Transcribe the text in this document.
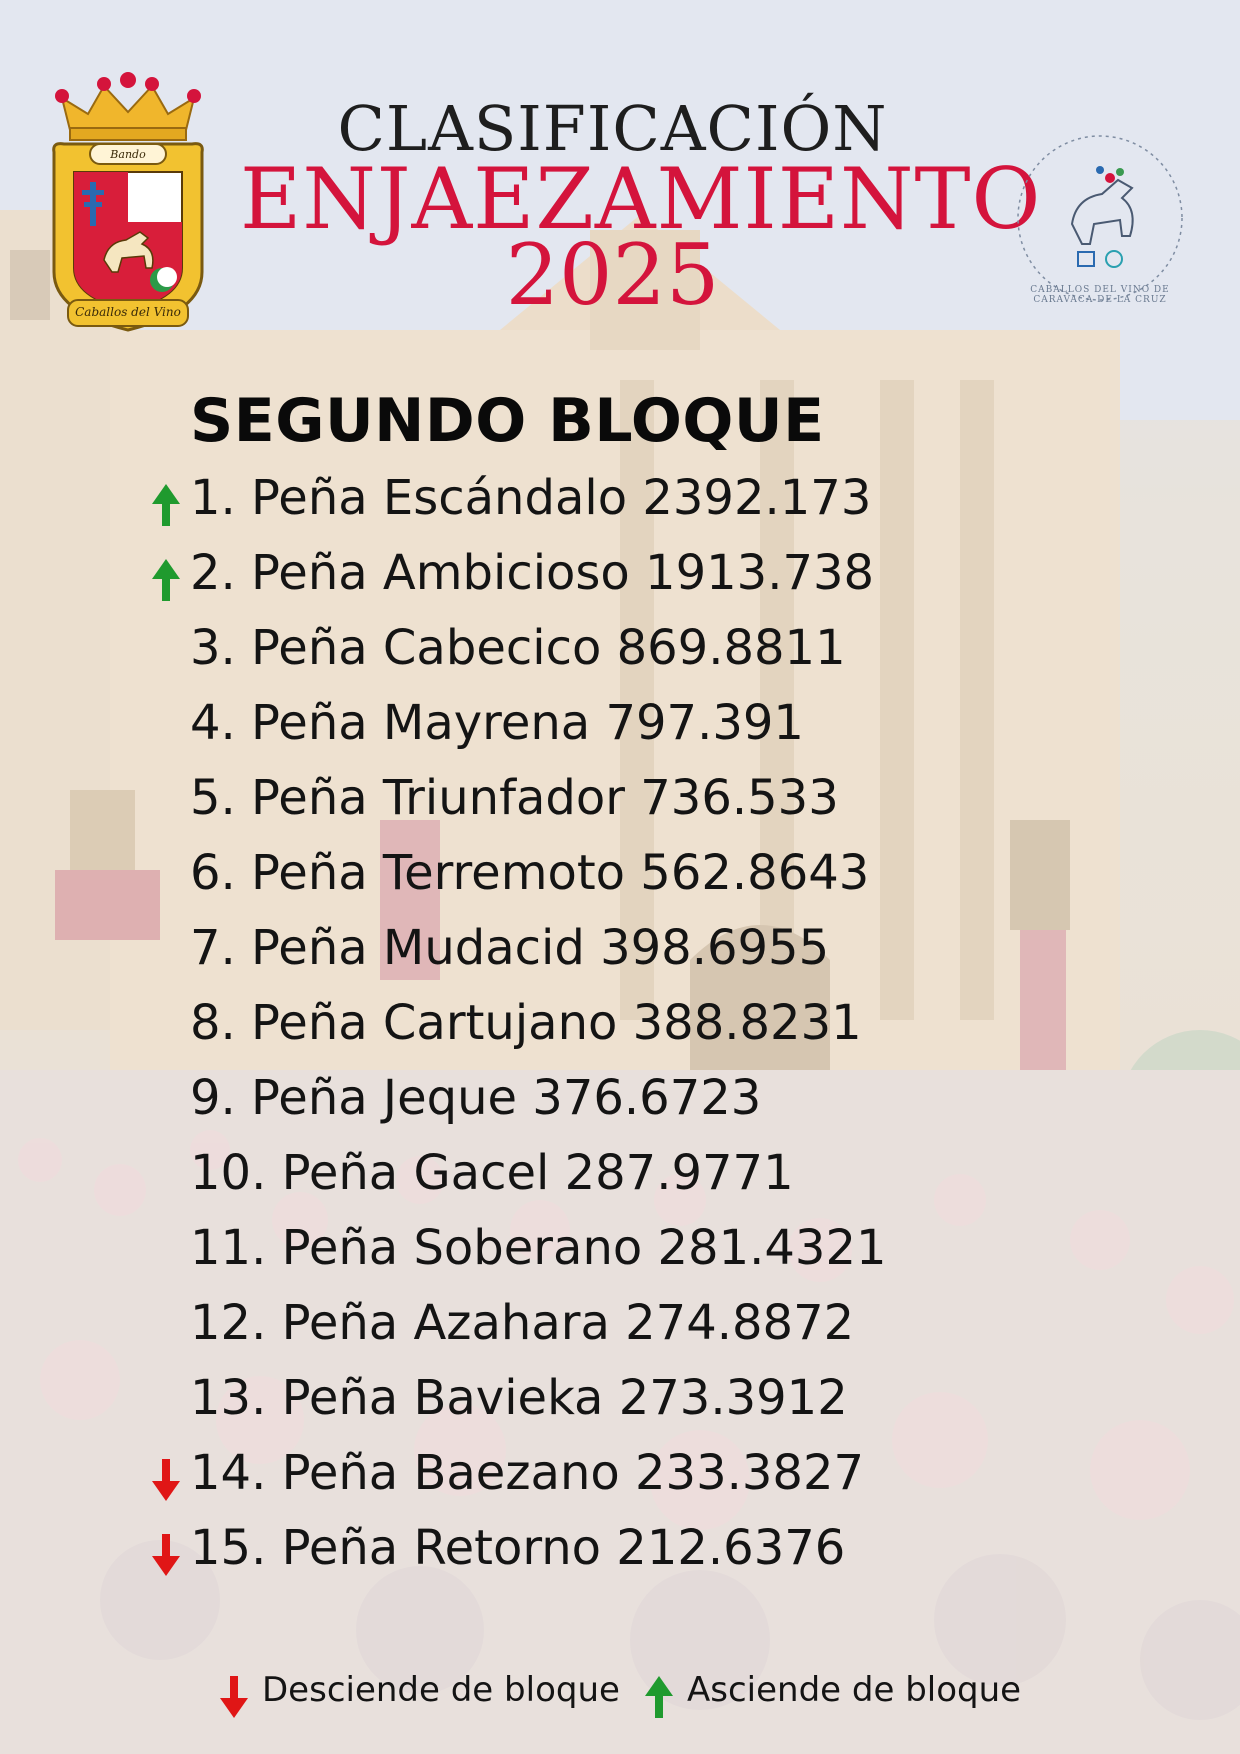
Bando
Caballos del Vino
CLASIFICACIÓN
ENJAEZAMIENTO
2025	CABALLOS DEL VINO DE CARAVACA DE LA CRUZ
SEGUNDO BLOQUE
1. Peña Escándalo 2392.173
2. Peña Ambicioso 1913.738
3. Peña Cabecico 869.8811
4. Peña Mayrena 797.391
5. Peña Triunfador 736.533
6. Peña Terremoto 562.8643
7. Peña Mudacid 398.6955
8. Peña Cartujano 388.8231
9. Peña Jeque 376.6723
10. Peña Gacel 287.9771
11. Peña Soberano 281.4321
12. Peña Azahara 274.8872
13. Peña Bavieka 273.3912
14. Peña Baezano 233.3827
15. Peña Retorno 212.6376
Desciende de bloque Asciende de bloque
